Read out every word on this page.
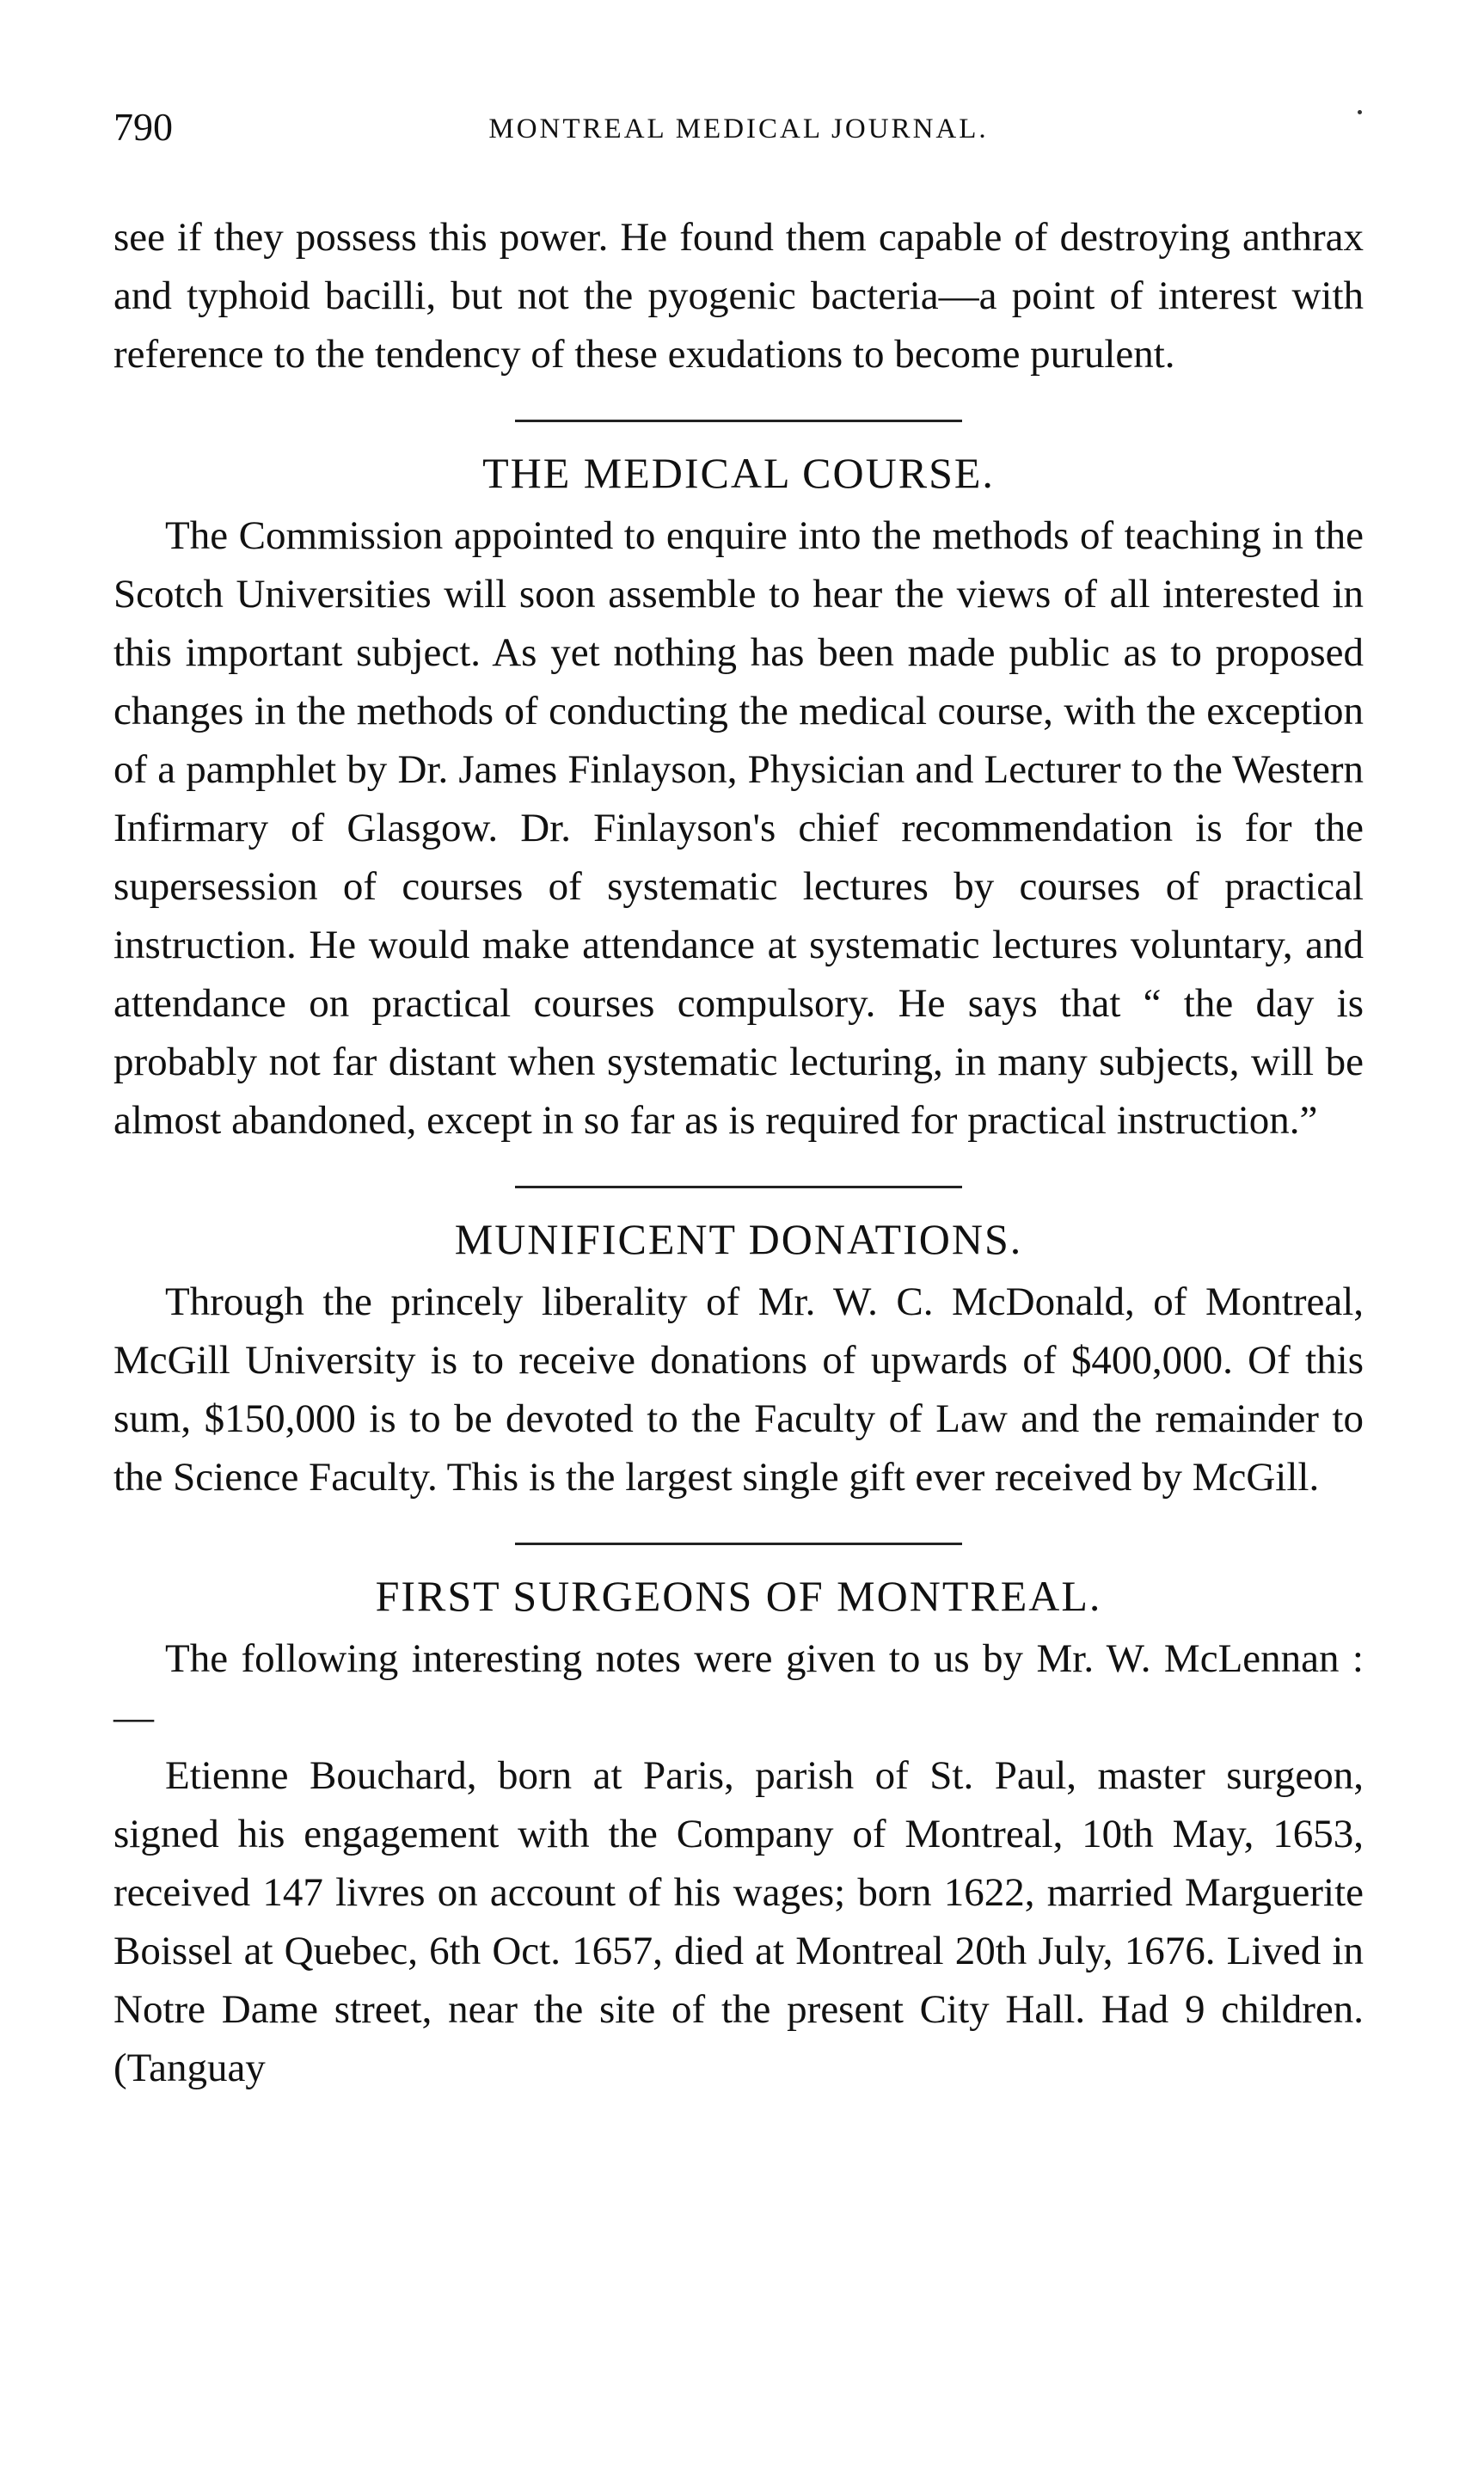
790	MONTREAL MEDICAL JOURNAL.

see if they possess this power. He found them capable of destroying anthrax and typhoid bacilli, but not the pyogenic bacteria—a point of interest with reference to the tendency of these exudations to become purulent.

THE MEDICAL COURSE.

The Commission appointed to enquire into the methods of teaching in the Scotch Universities will soon assemble to hear the views of all interested in this important subject. As yet nothing has been made public as to proposed changes in the methods of conducting the medical course, with the exception of a pamphlet by Dr. James Finlayson, Physician and Lecturer to the Western Infirmary of Glasgow. Dr. Finlayson's chief recommendation is for the supersession of courses of systematic lectures by courses of practical instruction. He would make attendance at systematic lectures voluntary, and attendance on practical courses compulsory. He says that “ the day is probably not far distant when systematic lecturing, in many subjects, will be almost abandoned, except in so far as is required for practical instruction.”

MUNIFICENT DONATIONS.

Through the princely liberality of Mr. W. C. McDonald, of Montreal, McGill University is to receive donations of upwards of $400,000. Of this sum, $150,000 is to be devoted to the Faculty of Law and the remainder to the Science Faculty. This is the largest single gift ever received by McGill.

FIRST SURGEONS OF MONTREAL.

The following interesting notes were given to us by Mr. W. McLennan :—

Etienne Bouchard, born at Paris, parish of St. Paul, master surgeon, signed his engagement with the Company of Montreal, 10th May, 1653, received 147 livres on account of his wages; born 1622, married Marguerite Boissel at Quebec, 6th Oct. 1657, died at Montreal 20th July, 1676. Lived in Notre Dame street, near the site of the present City Hall. Had 9 children. (Tanguay
